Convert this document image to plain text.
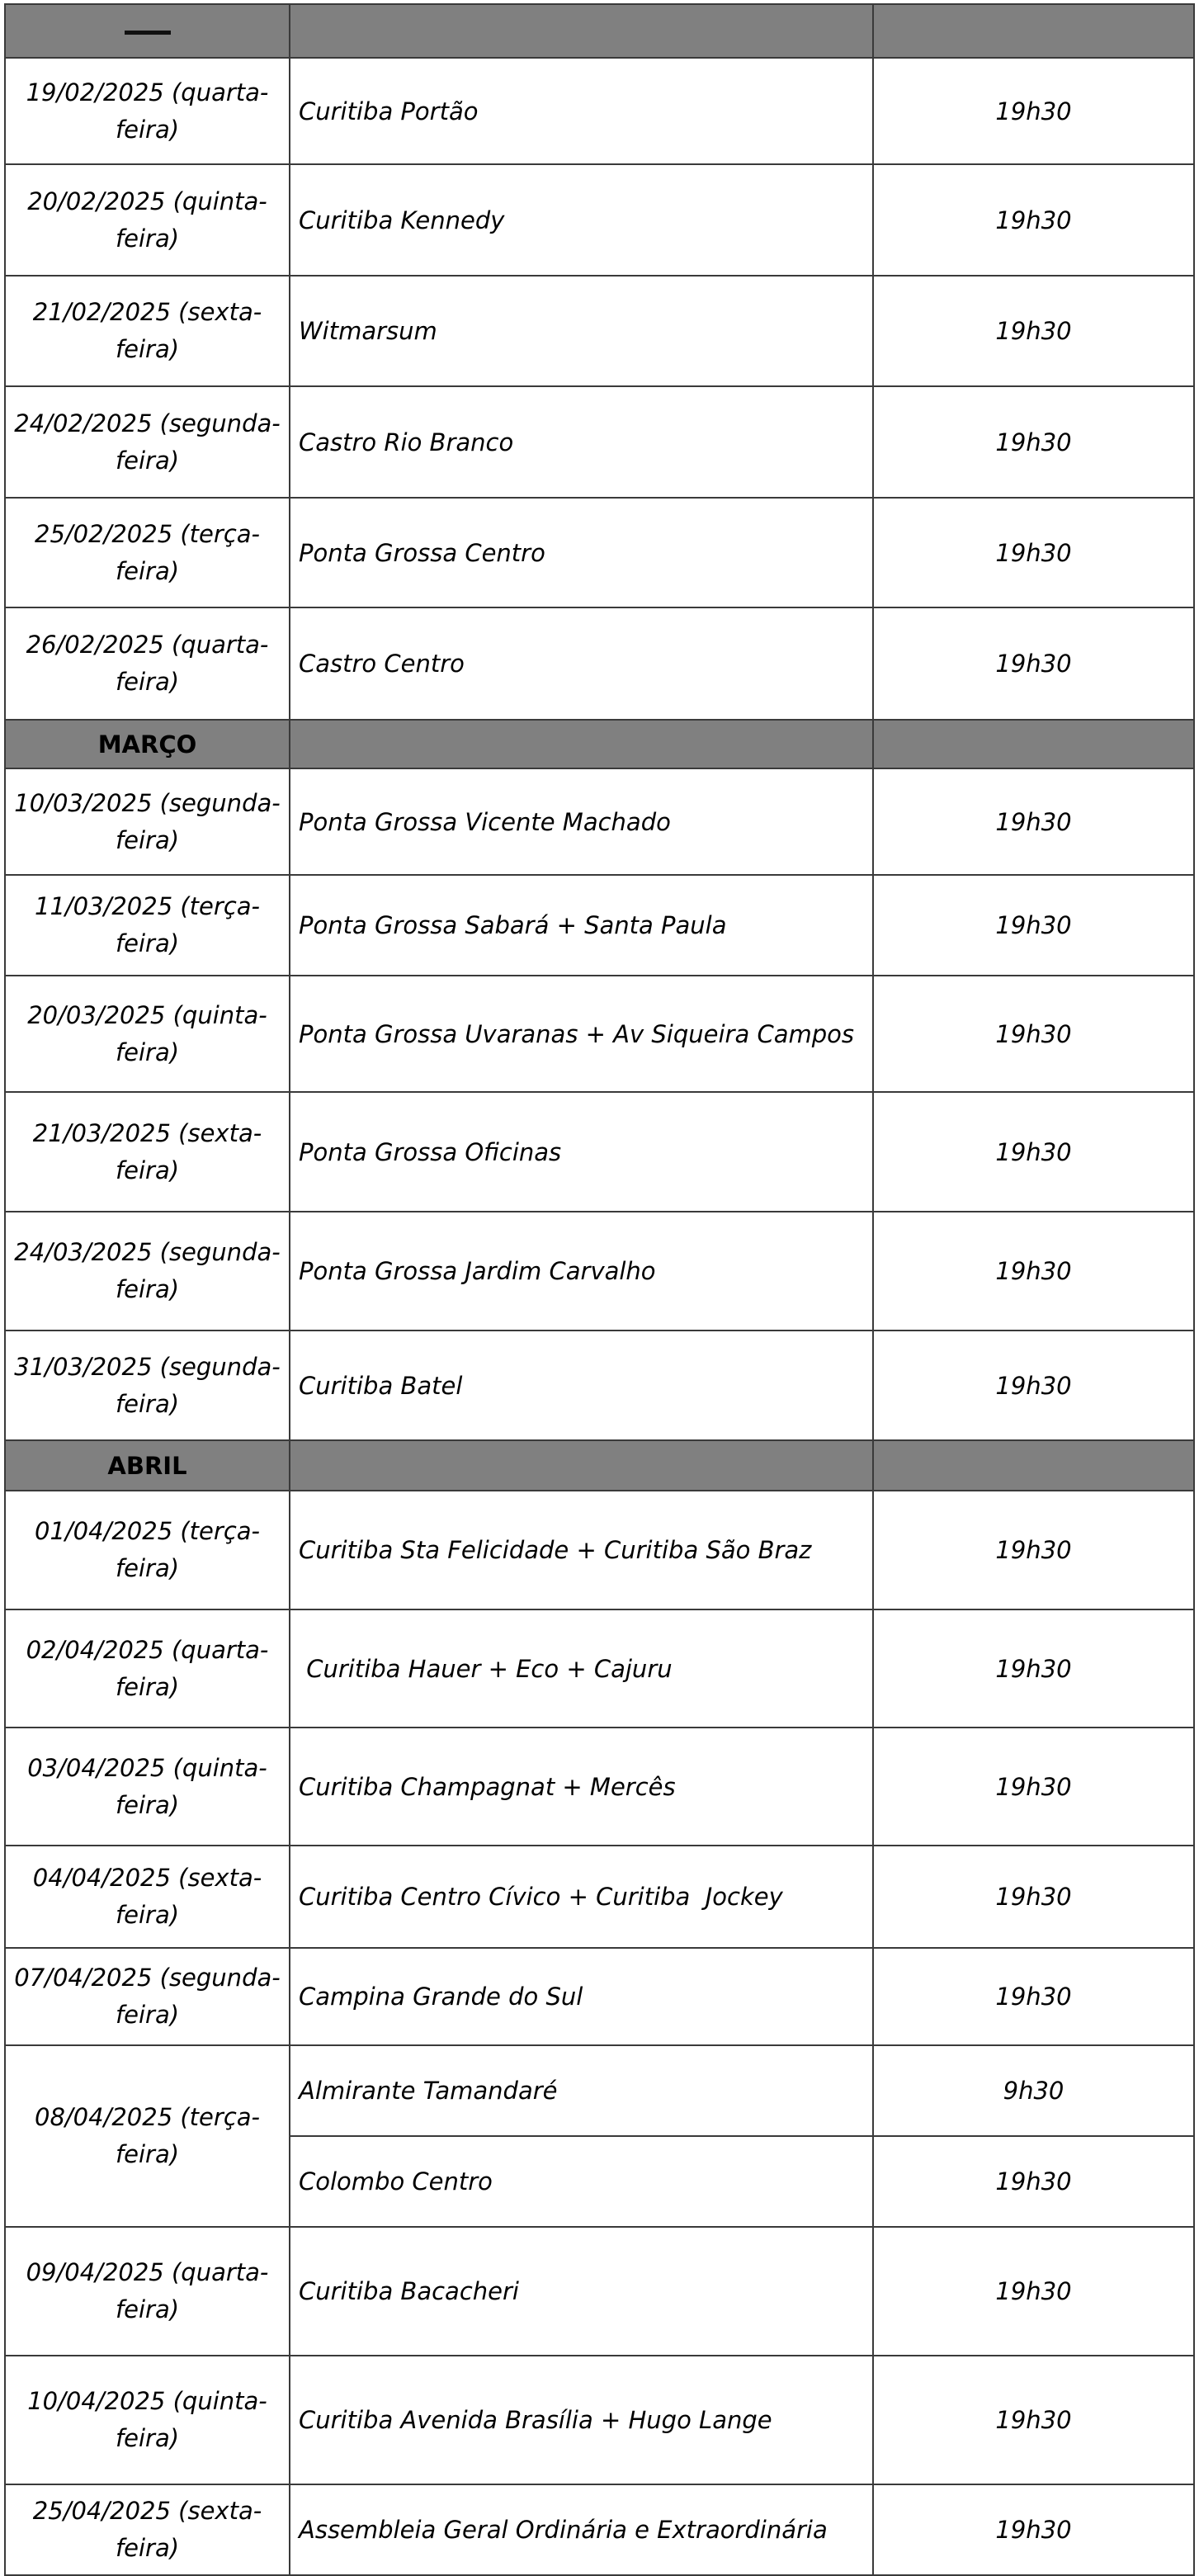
19/02/2025 (quarta-feira)	Curitiba Portão	19h30
20/02/2025 (quinta-feira)	Curitiba Kennedy	19h30
21/02/2025 (sexta-feira)	Witmarsum	19h30
24/02/2025 (segunda-feira)	Castro Rio Branco	19h30
25/02/2025 (terça-feira)	Ponta Grossa Centro	19h30
26/02/2025 (quarta-feira)	Castro Centro	19h30
MARÇO		
10/03/2025 (segunda-feira)	Ponta Grossa Vicente Machado	19h30
11/03/2025 (terça-feira)	Ponta Grossa Sabará + Santa Paula	19h30
20/03/2025 (quinta-feira)	Ponta Grossa Uvaranas + Av Siqueira Campos	19h30
21/03/2025 (sexta-feira)	Ponta Grossa Oficinas	19h30
24/03/2025 (segunda-feira)	Ponta Grossa Jardim Carvalho	19h30
31/03/2025 (segunda-feira)	Curitiba Batel	19h30
ABRIL		
01/04/2025 (terça-feira)	Curitiba Sta Felicidade + Curitiba São Braz	19h30
02/04/2025 (quarta-feira)	Curitiba Hauer + Eco + Cajuru	19h30
03/04/2025 (quinta-feira)	Curitiba Champagnat + Mercês	19h30
04/04/2025 (sexta-feira)	Curitiba Centro Cívico + Curitiba  Jockey	19h30
07/04/2025 (segunda-feira)	Campina Grande do Sul	19h30
08/04/2025 (terça-feira)	Almirante Tamandaré	9h30
	Colombo Centro	19h30
09/04/2025 (quarta-feira)	Curitiba Bacacheri	19h30
10/04/2025 (quinta-feira)	Curitiba Avenida Brasília + Hugo Lange	19h30
25/04/2025 (sexta-feira)	Assembleia Geral Ordinária e Extraordinária	19h30
